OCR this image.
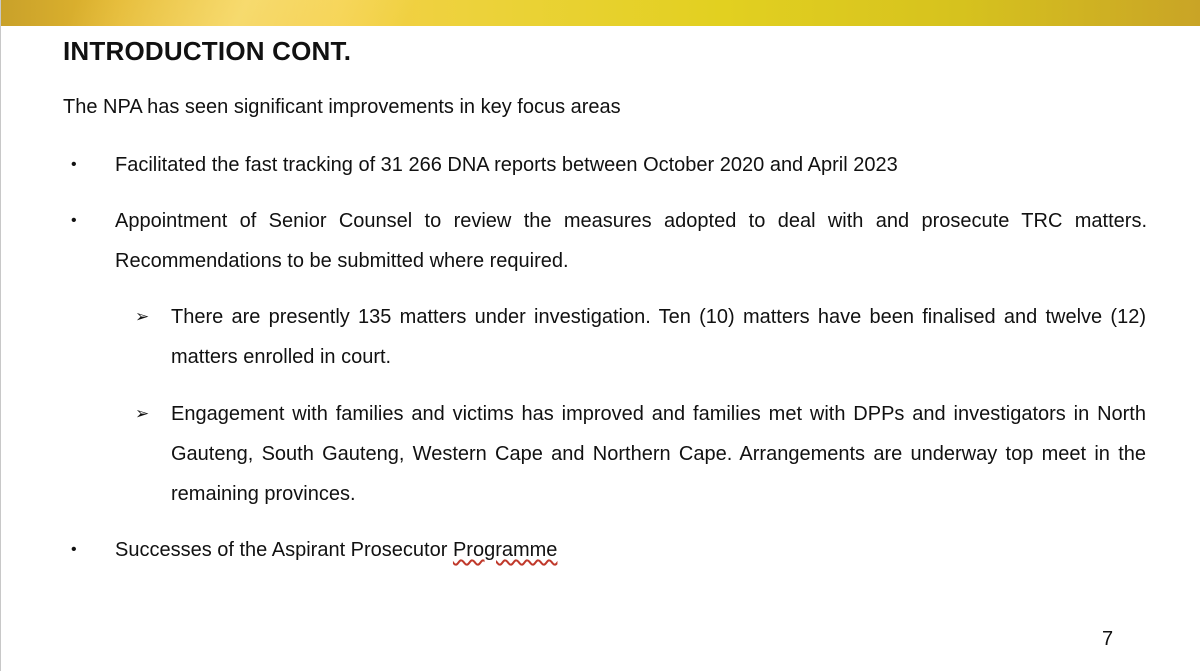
INTRODUCTION CONT.
The NPA has seen significant improvements in key focus areas
• Facilitated the fast tracking of 31 266 DNA reports between October 2020 and April 2023
• Appointment of Senior Counsel to review the measures adopted to deal with and prosecute TRC matters. Recommendations to be submitted where required.
➢ There are presently 135 matters under investigation. Ten (10) matters have been finalised and twelve (12) matters enrolled in court.
➢ Engagement with families and victims has improved and families met with DPPs and investigators in North Gauteng, South Gauteng, Western Cape and Northern Cape. Arrangements are underway top meet in the remaining provinces.
• Successes of the Aspirant Prosecutor Programme
7
